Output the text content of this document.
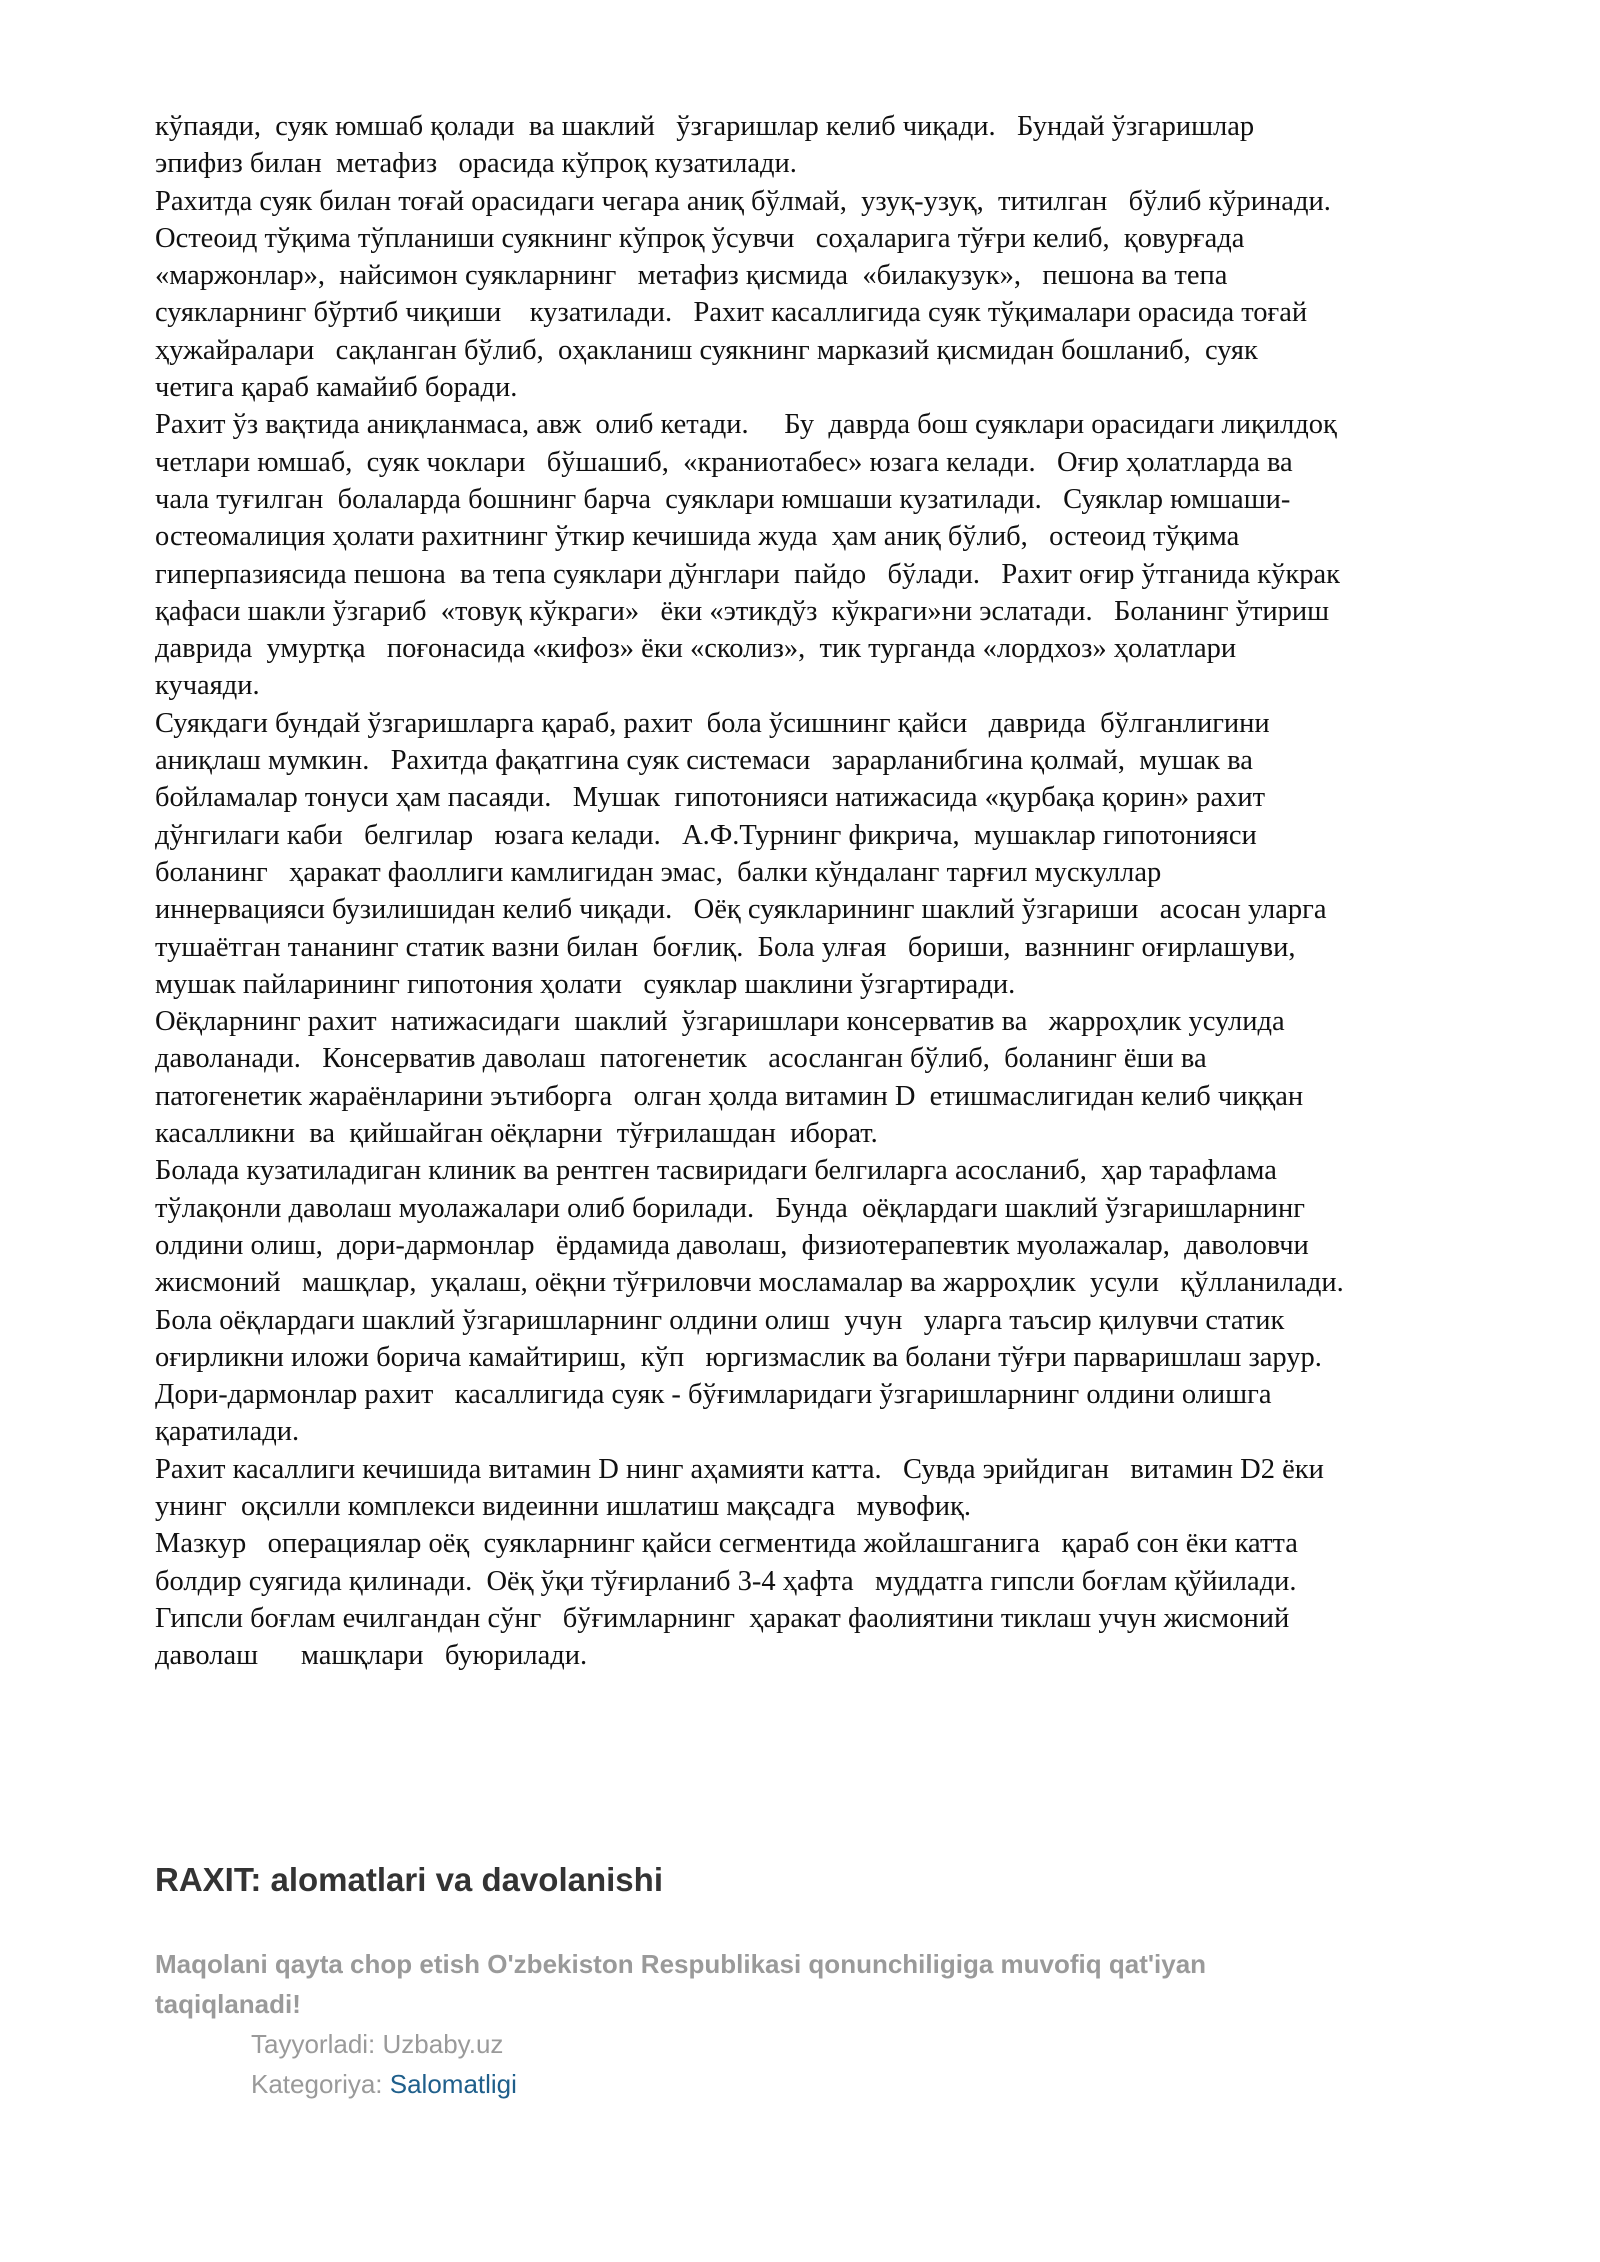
кўпаяди,  суяк юмшаб қолади  ва шаклий   ўзгаришлар келиб чиқади.   Бундай ўзгаришлар
эпифиз билан  метафиз   орасида кўпроқ кузатилади.
Рахитда суяк билан тоғай орасидаги чегара аниқ бўлмай,  узуқ-узуқ,  титилган   бўлиб кўринади.
Остеоид тўқима тўпланиши суякнинг кўпроқ ўсувчи   соҳаларига тўғри келиб,  қовурғада
«маржонлар»,  найсимон суякларнинг   метафиз қисмида  «билакузук»,   пешона ва тепа
суякларнинг бўртиб чиқиши    кузатилади.   Рахит касаллигида суяк тўқималари орасида тоғай
ҳужайралари   сақланган бўлиб,  оҳакланиш суякнинг марказий қисмидан бошланиб,  суяк
четига қараб камайиб боради.
Рахит ўз вақтида аниқланмаса, авж  олиб кетади.     Бу  даврда бош суяклари орасидаги лиқилдоқ
четлари юмшаб,  суяк чоклари   бўшашиб,  «краниотабес» юзага келади.   Оғир ҳолатларда ва
чала туғилган  болаларда бошнинг барча  суяклари юмшаши кузатилади.   Суяклар юмшаши-
остеомалиция ҳолати рахитнинг ўткир кечишида жуда  ҳам аниқ бўлиб,   остеоид тўқима
гиперпазиясида пешона  ва тепа суяклари дўнглари  пайдо   бўлади.   Рахит оғир ўтганида кўкрак
қафаси шакли ўзгариб  «товуқ кўкраги»   ёки «этикдўз  кўкраги»ни эслатади.   Боланинг ўтириш
даврида  умуртқа   поғонасида «кифоз» ёки «сколиз»,  тик турганда «лордхоз» ҳолатлари
кучаяди.
Суякдаги бундай ўзгаришларга қараб, рахит  бола ўсишнинг қайси   даврида  бўлганлигини
аниқлаш мумкин.   Рахитда фақатгина суяк системаси   зарарланибгина қолмай,  мушак ва
бойламалар тонуси ҳам пасаяди.   Мушак  гипотонияси натижасида «қурбақа қорин» рахит
дўнгилаги каби   белгилар   юзага келади.   А.Ф.Турнинг фикрича,  мушаклар гипотонияси
боланинг   ҳаракат фаоллиги камлигидан эмас,  балки кўндаланг тарғил мускуллар
иннервацияси бузилишидан келиб чиқади.   Оёқ суякларининг шаклий ўзгариши   асосан уларга
тушаётган тананинг статик вазни билан  боғлиқ.  Бола улғая   бориши,  вазннинг оғирлашуви,
мушак пайларининг гипотония ҳолати   суяклар шаклини ўзгартиради.
Оёқларнинг рахит  натижасидаги  шаклий  ўзгаришлари консерватив ва   жарроҳлик усулида
даволанади.   Консерватив даволаш  патогенетик   асосланган бўлиб,  боланинг ёши ва
патогенетик жараёнларини эътиборга   олган ҳолда витамин D  етишмаслигидан келиб чиққан
касалликни  ва  қийшайган оёқларни  тўғрилашдан  иборат.
Болада кузатиладиган клиник ва рентген тасвиридаги белгиларга асосланиб,  ҳар тарафлама
тўлақонли даволаш муолажалари олиб борилади.   Бунда  оёқлардаги шаклий ўзгаришларнинг
олдини олиш,  дори-дармонлар   ёрдамида даволаш,  физиотерапевтик муолажалар,  даволовчи
жисмоний   машқлар,  уқалаш, оёқни тўғриловчи мосламалар ва жарроҳлик  усули   қўлланилади.
Бола оёқлардаги шаклий ўзгаришларнинг олдини олиш  учун   уларга таъсир қилувчи статик
оғирликни иложи борича камайтириш,  кўп   юргизмаслик ва болани тўғри парваришлаш зарур.
Дори-дармонлар рахит   касаллигида суяк - бўғимларидаги ўзгаришларнинг олдини олишга
қаратилади.
Рахит касаллиги кечишида витамин D нинг аҳамияти катта.   Сувда эрийдиган   витамин D2 ёки
унинг  оқсилли комплекси видеинни ишлатиш мақсадга   мувофиқ.
Мазкур   операциялар оёқ  суякларнинг қайси сегментида жойлашганига   қараб сон ёки катта
болдир суягида қилинади.  Оёқ ўқи тўғирланиб 3-4 ҳафта   муддатга гипсли боғлам қўйилади.
Гипсли боғлам ечилгандан сўнг   бўғимларнинг  ҳаракат фаолиятини тиклаш учун жисмоний
даволаш      машқлари   буюрилади.
RAXIT: alomatlari va davolanishi
Maqolani qayta chop etish O'zbekiston Respublikasi qonunchiligiga muvofiq qat'iyan
taqiqlanadi!
Tayyorladi: Uzbaby.uz
Kategoriya: Salomatligi
